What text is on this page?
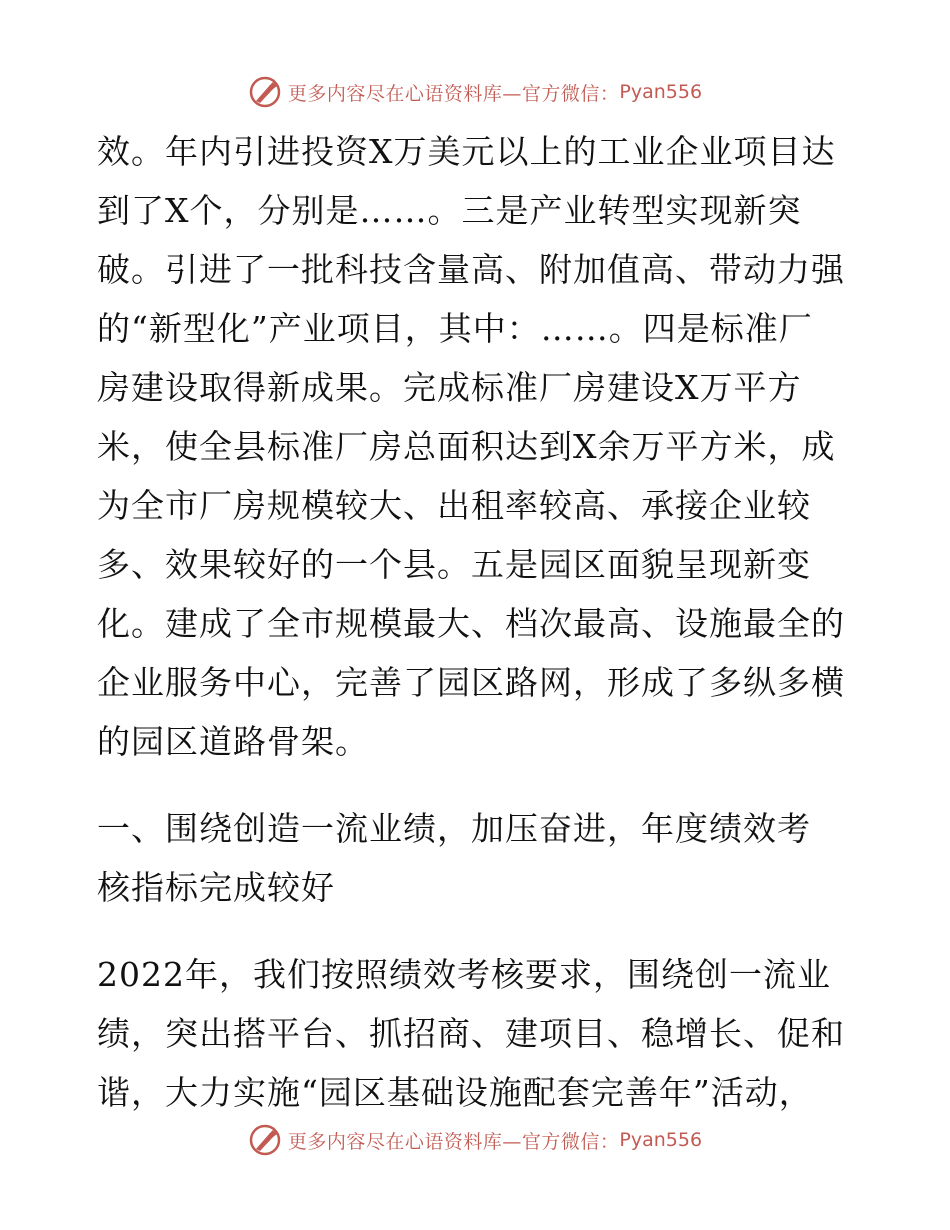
更多内容尽在心语资料库—官方微信： Pyan556
效。年内引进投资X万美元以上的工业企业项目达
到了X个，分别是……。三是产业转型实现新突
破。引进了一批科技含量高、附加值高、带动力强
的“新型化”产业项目，其中：……。四是标准厂
房建设取得新成果。完成标准厂房建设X万平方
米，使全县标准厂房总面积达到X余万平方米，成
为全市厂房规模较大、出租率较高、承接企业较
多、效果较好的一个县。五是园区面貌呈现新变
化。建成了全市规模最大、档次最高、设施最全的
企业服务中心，完善了园区路网，形成了多纵多横
的园区道路骨架。
一、围绕创造一流业绩，加压奋进，年度绩效考
核指标完成较好
2022年，我们按照绩效考核要求，围绕创一流业
绩，突出搭平台、抓招商、建项目、稳增长、促和
谐，大力实施“园区基础设施配套完善年”活动，
更多内容尽在心语资料库—官方微信： Pyan556
